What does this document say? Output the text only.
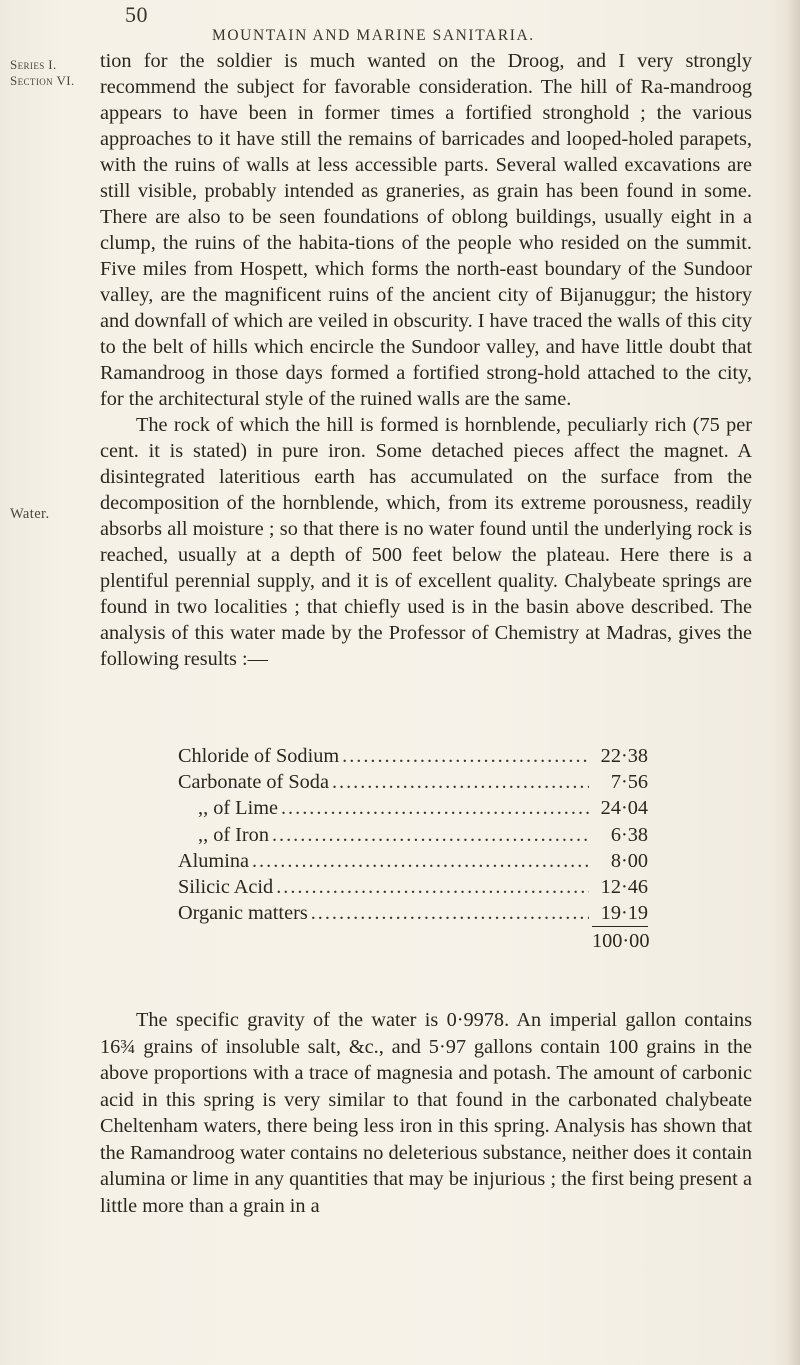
50
MOUNTAIN AND MARINE SANITARIA.
Series I.
Section VI.
Water.

tion for the soldier is much wanted on the Droog, and I very strongly recommend the subject for favorable consideration. The hill of Ra-mandroog appears to have been in former times a fortified stronghold ; the various approaches to it have still the remains of barricades and looped-holed parapets, with the ruins of walls at less accessible parts. Several walled excavations are still visible, probably intended as graneries, as grain has been found in some. There are also to be seen foundations of oblong buildings, usually eight in a clump, the ruins of the habita-tions of the people who resided on the summit. Five miles from Hospett, which forms the north-east boundary of the Sundoor valley, are the magnificent ruins of the ancient city of Bijanuggur; the history and downfall of which are veiled in obscurity. I have traced the walls of this city to the belt of hills which encircle the Sundoor valley, and have little doubt that Ramandroog in those days formed a fortified strong-hold attached to the city, for the architectural style of the ruined walls are the same.

The rock of which the hill is formed is hornblende, peculiarly rich (75 per cent. it is stated) in pure iron. Some detached pieces affect the magnet. A disintegrated lateritious earth has accumulated on the surface from the decomposition of the hornblende, which, from its extreme porousness, readily absorbs all moisture ; so that there is no water found until the underlying rock is reached, usually at a depth of 500 feet below the plateau. Here there is a plentiful perennial supply, and it is of excellent quality. Chalybeate springs are found in two localities ; that chiefly used is in the basin above described. The analysis of this water made by the Professor of Chemistry at Madras, gives the following results :—

Chloride of Sodium .....	22·38
Carbonate of Soda .....	7·56
,, of Lime .....	24·04
,, of Iron .....	6·38
Alumina .....	8·00
Silicic Acid .....	12·46
Organic matters .....	19·19
100·00

The specific gravity of the water is 0·9978. An imperial gallon contains 16¾ grains of insoluble salt, &c., and 5·97 gallons contain 100 grains in the above proportions with a trace of magnesia and potash. The amount of carbonic acid in this spring is very similar to that found in the carbonated chalybeate Cheltenham waters, there being less iron in this spring. Analysis has shown that the Ramandroog water contains no deleterious substance, neither does it contain alumina or lime in any quantities that may be injurious ; the first being present a little more than a grain in a
